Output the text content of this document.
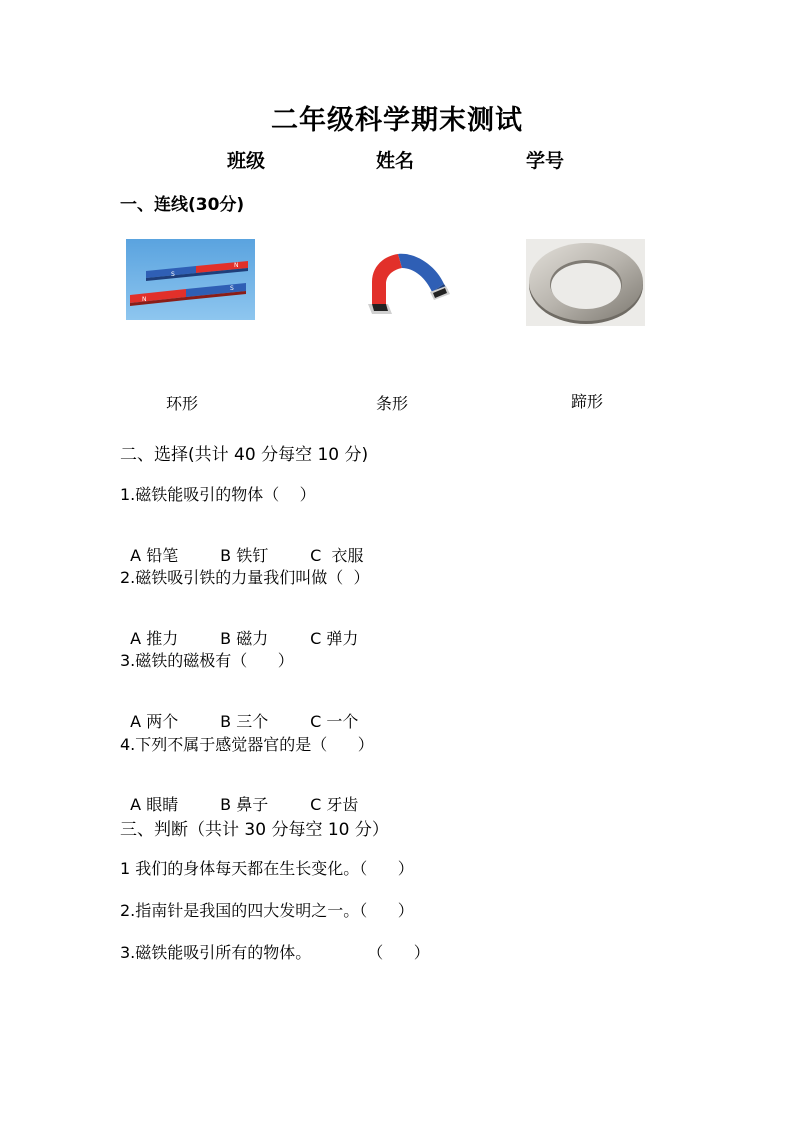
二年级科学期末测试
班级	姓名	学号
一、连线(30分)
S
N
N
S
环形	条形	蹄形
二、选择(共计 40 分每空 10 分)
1.磁铁能吸引的物体（    ）

A 铅笔	B 铁钉	C  衣服

2.磁铁吸引铁的力量我们叫做（  ）

A 推力	B 磁力	C 弹力

3.磁铁的磁极有（      ）

A 两个	B 三个	C 一个

4.下列不属于感觉器官的是（      ）

A 眼睛	B 鼻子	C 牙齿

三、判断（共计 30 分每空 10 分）
1 我们的身体每天都在生长变化。（      ）
2.指南针是我国的四大发明之一。（      ）
3.磁铁能吸引所有的物体。           （      ）
